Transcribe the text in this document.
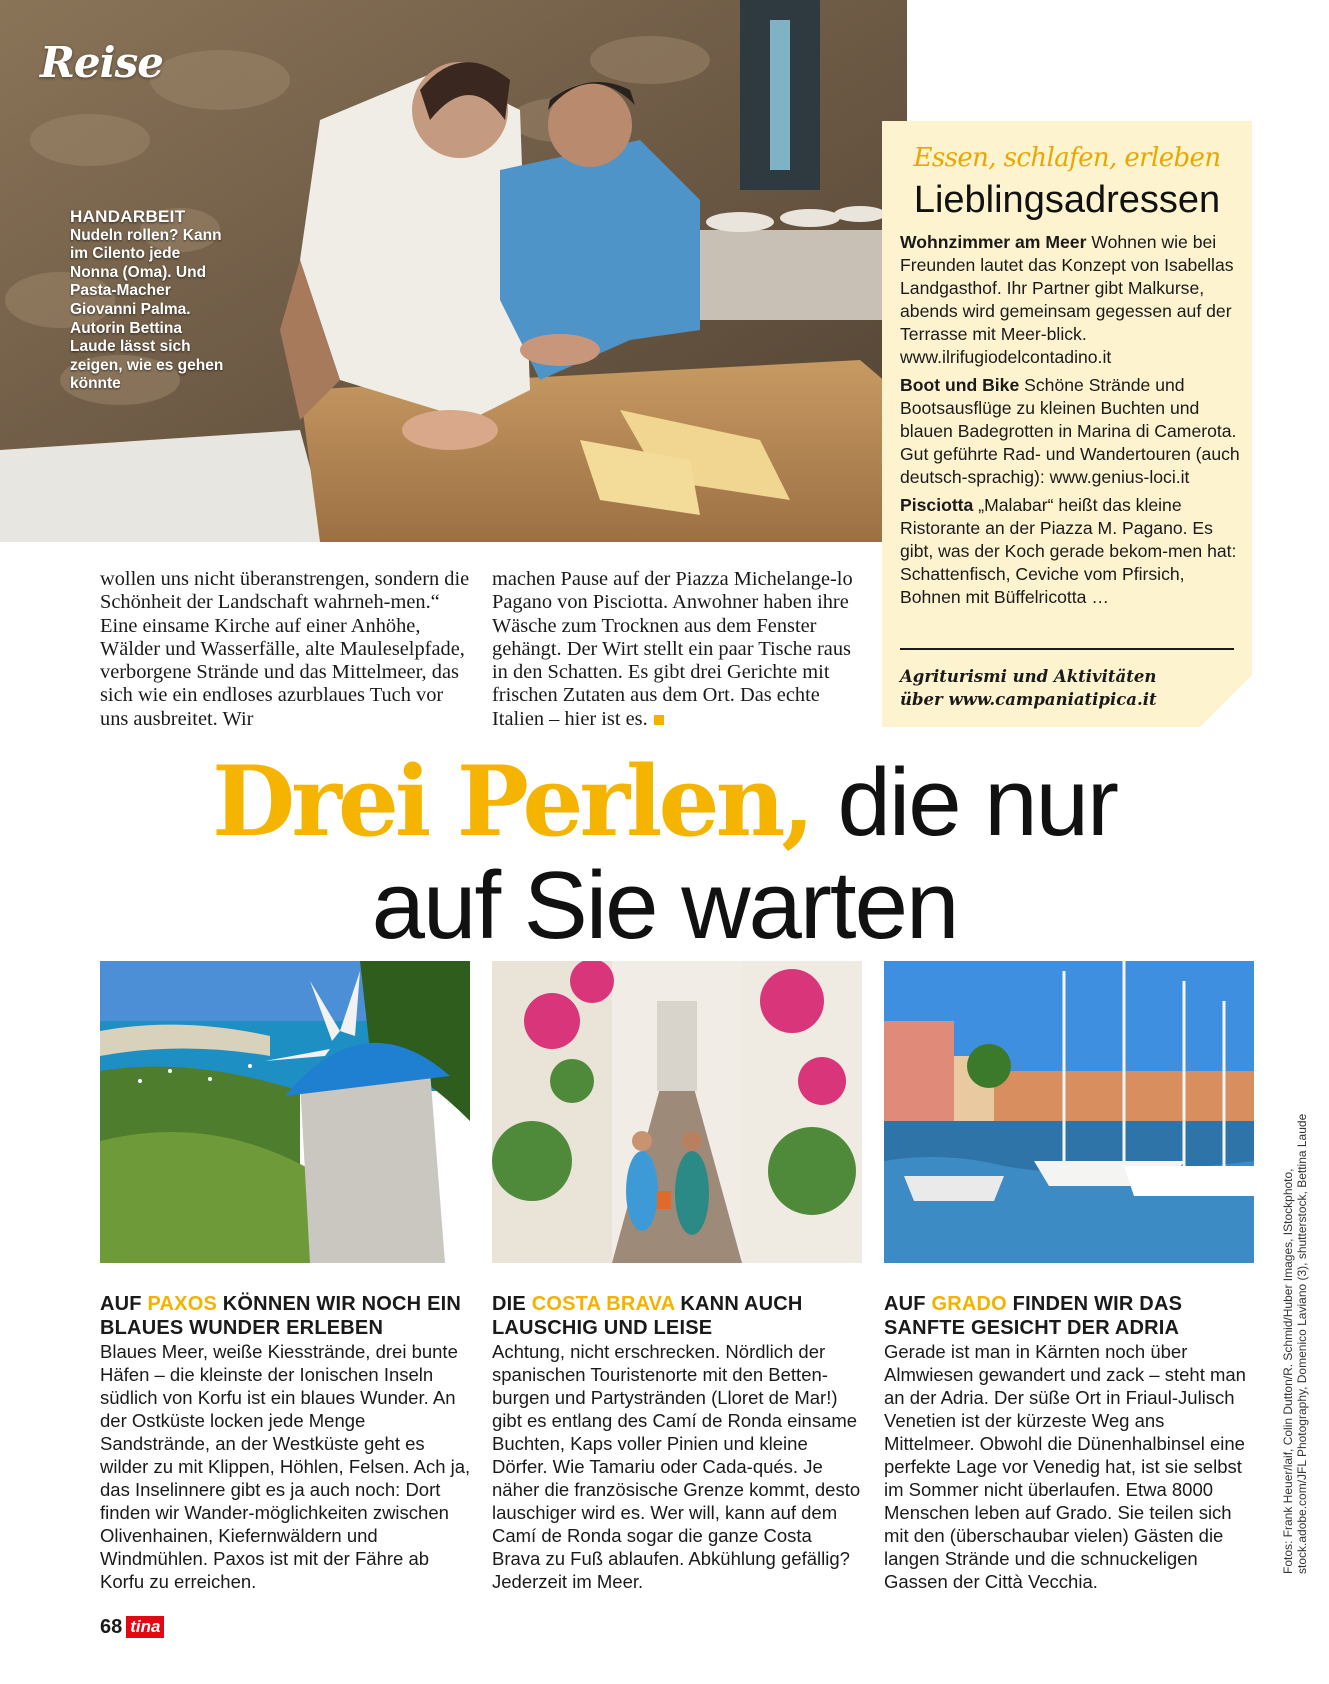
Reise
HANDARBEIT
Nudeln rollen? Kann im Cilento jede Nonna (Oma). Und Pasta-Macher Giovanni Palma. Autorin Bettina Laude lässt sich zeigen, wie es gehen könnte
Essen, schlafen, erleben
Lieblingsadressen

Wohnzimmer am Meer Wohnen wie bei Freunden lautet das Konzept von Isabellas Landgasthof. Ihr Partner gibt Malkurse, abends wird gemeinsam gegessen auf der Terrasse mit Meer-blick. www.ilrifugiodelcontadino.it

Boot und Bike Schöne Strände und Bootsausflüge zu kleinen Buchten und blauen Badegrotten in Marina di Camerota. Gut geführte Rad- und Wandertouren (auch deutsch-sprachig): www.genius-loci.it

Pisciotta „Malabar“ heißt das kleine Ristorante an der Piazza M. Pagano. Es gibt, was der Koch gerade bekom-men hat: Schattenfisch, Ceviche vom Pfirsich, Bohnen mit Büffelricotta …

Agriturismi und Aktivitäten
über www.campaniatipica.it
wollen uns nicht überanstrengen, sondern die Schönheit der Landschaft wahrneh-men.“ Eine einsame Kirche auf einer Anhöhe, Wälder und Wasserfälle, alte Mauleselpfade, verborgene Strände und das Mittelmeer, das sich wie ein endloses azurblaues Tuch vor uns ausbreitet. Wir
machen Pause auf der Piazza Michelange-lo Pagano von Pisciotta. Anwohner haben ihre Wäsche zum Trocknen aus dem Fenster gehängt. Der Wirt stellt ein paar Tische raus in den Schatten. Es gibt drei Gerichte mit frischen Zutaten aus dem Ort. Das echte Italien – hier ist es.
Drei Perlen, die nur
auf Sie warten

AUF PAXOS KÖNNEN WIR NOCH EIN BLAUES WUNDER ERLEBEN

Blaues Meer, weiße Kiesstrände, drei bunte Häfen – die kleinste der Ionischen Inseln südlich von Korfu ist ein blaues Wunder. An der Ostküste locken jede Menge Sandstrände, an der Westküste geht es wilder zu mit Klippen, Höhlen, Felsen. Ach ja, das Inselinnere gibt es ja auch noch: Dort finden wir Wander-möglichkeiten zwischen Olivenhainen, Kiefernwäldern und Windmühlen. Paxos ist mit der Fähre ab Korfu zu erreichen.

DIE COSTA BRAVA KANN AUCH LAUSCHIG UND LEISE

Achtung, nicht erschrecken. Nördlich der spanischen Touristenorte mit den Betten-burgen und Partystränden (Lloret de Mar!) gibt es entlang des Camí de Ronda einsame Buchten, Kaps voller Pinien und kleine Dörfer. Wie Tamariu oder Cada-qués. Je näher die französische Grenze kommt, desto lauschiger wird es. Wer will, kann auf dem Camí de Ronda sogar die ganze Costa Brava zu Fuß ablaufen. Abkühlung gefällig? Jederzeit im Meer.

AUF GRADO FINDEN WIR DAS SANFTE GESICHT DER ADRIA

Gerade ist man in Kärnten noch über Almwiesen gewandert und zack – steht man an der Adria. Der süße Ort in Friaul-Julisch Venetien ist der kürzeste Weg ans Mittelmeer. Obwohl die Dünenhalbinsel eine perfekte Lage vor Venedig hat, ist sie selbst im Sommer nicht überlaufen. Etwa 8000 Menschen leben auf Grado. Sie teilen sich mit den (überschaubar vielen) Gästen die langen Strände und die schnuckeligen Gassen der Città Vecchia.

Fotos: Frank Heuer/laif, Colin Dutton/R. Schmid/Huber Images, IStockphoto, stock.adobe.com/JFL Photography, Domenico Laviano (3), shutterstock, Bettina Laude
68 tina
